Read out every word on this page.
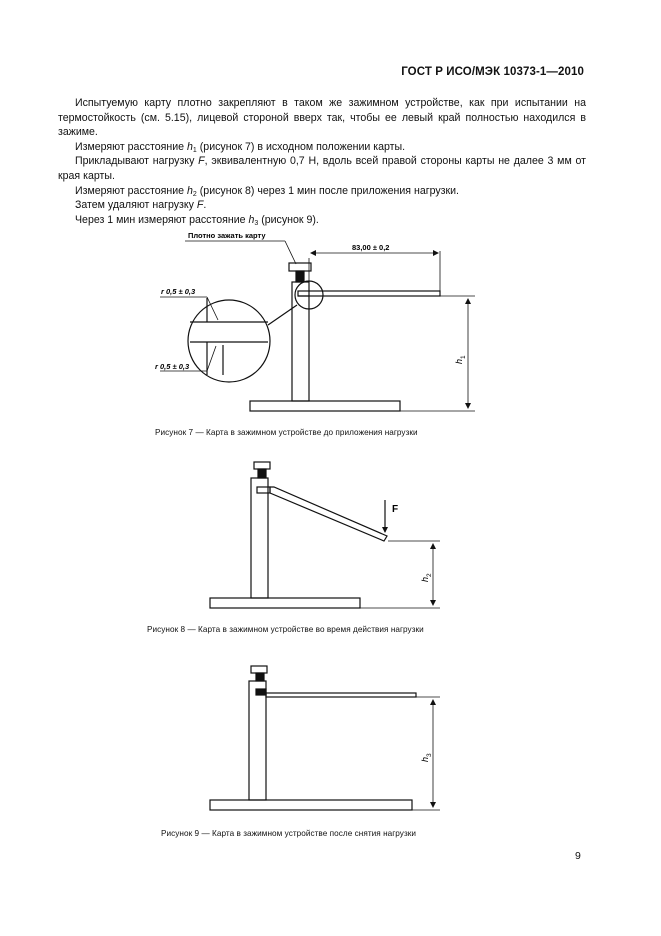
ГОСТ Р ИСО/МЭК 10373-1—2010

Испытуемую карту плотно закрепляют в таком же зажимном устройстве, как при испытании на термостойкость (см. 5.15), лицевой стороной вверх так, чтобы ее левый край полностью находился в зажиме.

Измеряют расстояние $h_1$ (рисунок 7) в исходном положении карты.

Прикладывают нагрузку F, эквивалентную 0,7 Н, вдоль всей правой стороны карты не далее 3 мм от края карты.

Измеряют расстояние $h_2$ (рисунок 8) через 1 мин после приложения нагрузки.

Затем удаляют нагрузку F.

Через 1 мин измеряют расстояние $h_3$ (рисунок 9).

Плотно зажать карту
83,00 ± 0,2
r 0,5 ± 0,3
r 0,5 ± 0,3
h
1
F
h
2
h
3
Рисунок 7 — Карта в зажимном устройстве до приложения нагрузки
Рисунок 8 — Карта в зажимном устройстве во время действия нагрузки
Рисунок 9 — Карта в зажимном устройстве после снятия нагрузки
9
